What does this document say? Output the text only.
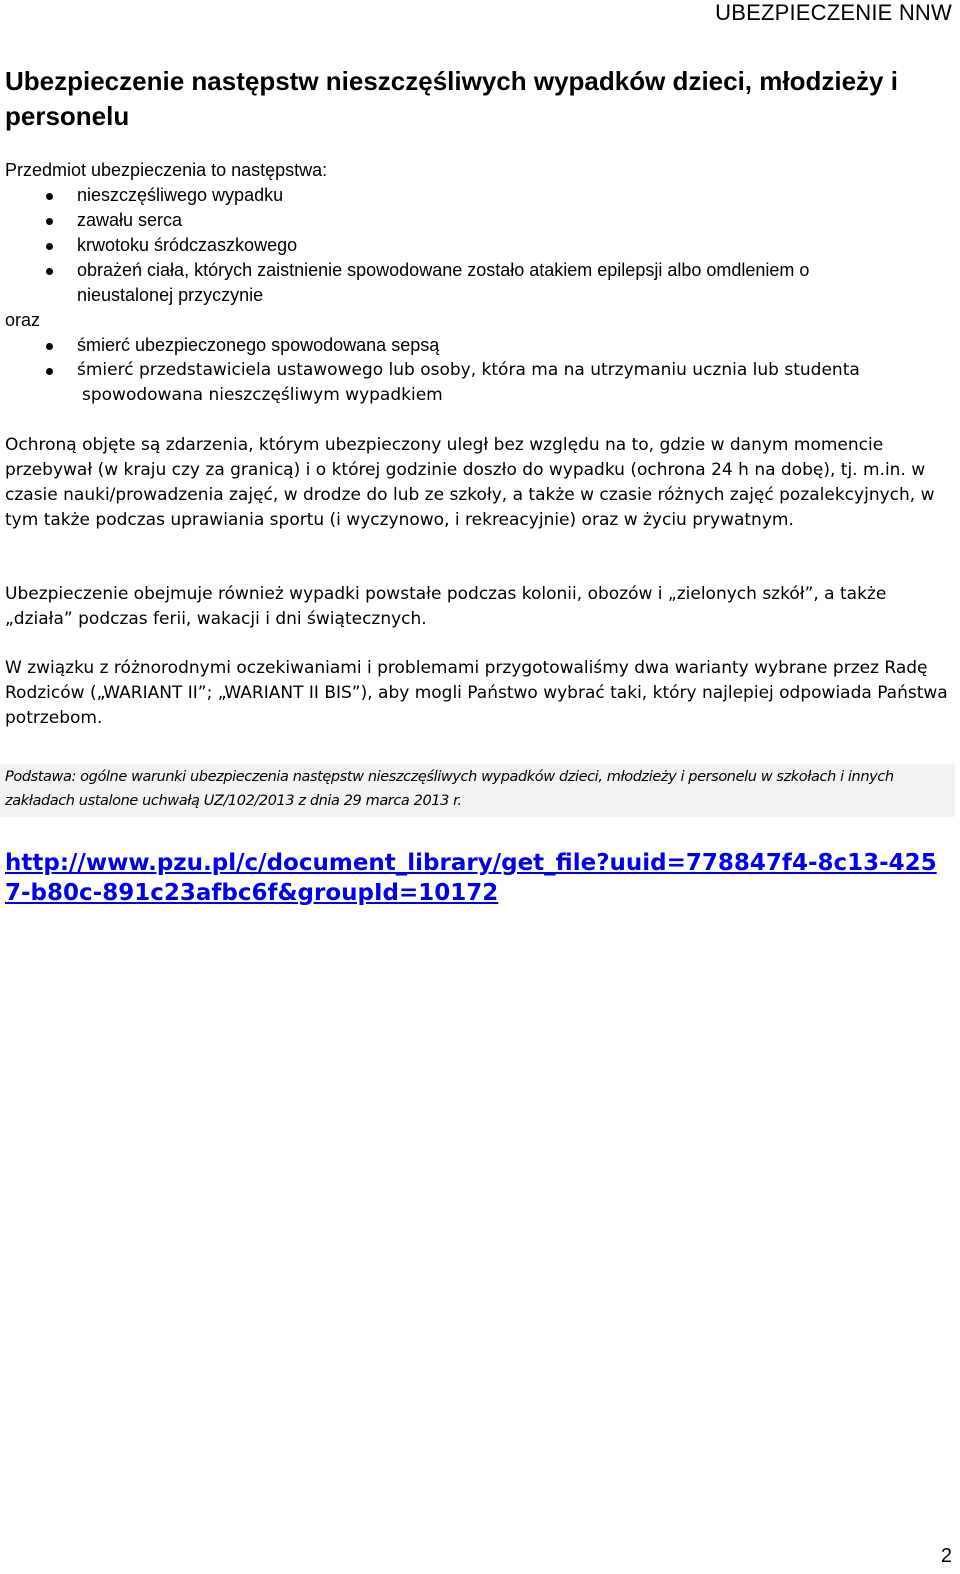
UBEZPIECZENIE NNW
Ubezpieczenie następstw nieszczęśliwych wypadków dzieci, młodzieży i personelu
Przedmiot ubezpieczenia to następstwa:
nieszczęśliwego wypadku
zawału serca
krwotoku śródczaszkowego
obrażeń ciała, których zaistnienie spowodowane zostało atakiem epilepsji albo omdleniem o nieustalonej przyczynie
oraz
śmierć ubezpieczonego spowodowana sepsą
śmierć przedstawiciela ustawowego lub osoby, która ma na utrzymaniu ucznia lub studenta
spowodowana nieszczęśliwym wypadkiem

Ochroną objęte są zdarzenia, którym ubezpieczony uległ bez względu na to, gdzie w danym momencie przebywał (w kraju czy za granicą) i o której godzinie doszło do wypadku (ochrona 24 h na dobę), tj. m.in. w czasie nauki/prowadzenia zajęć, w drodze do lub ze szkoły, a także w czasie różnych zajęć pozalekcyjnych, w tym także podczas uprawiania sportu (i wyczynowo, i rekreacyjnie) oraz w życiu prywatnym.

Ubezpieczenie obejmuje również wypadki powstałe podczas kolonii, obozów i „zielonych szkół”, a także „działa” podczas ferii, wakacji i dni świątecznych.

W związku z różnorodnymi oczekiwaniami i problemami przygotowaliśmy dwa warianty wybrane przez Radę Rodziców („WARIANT II”; „WARIANT II BIS”), aby mogli Państwo wybrać taki, który najlepiej odpowiada Państwa potrzebom.

Podstawa: ogólne warunki ubezpieczenia następstw nieszczęśliwych wypadków dzieci, młodzieży i personelu w szkołach i innych zakładach ustalone uchwałą UZ/102/2013 z dnia 29 marca 2013 r.
http://www.pzu.pl/c/document_library/get_file?uuid=778847f4-8c13-4257-b80c-891c23afbc6f&groupId=10172
2
